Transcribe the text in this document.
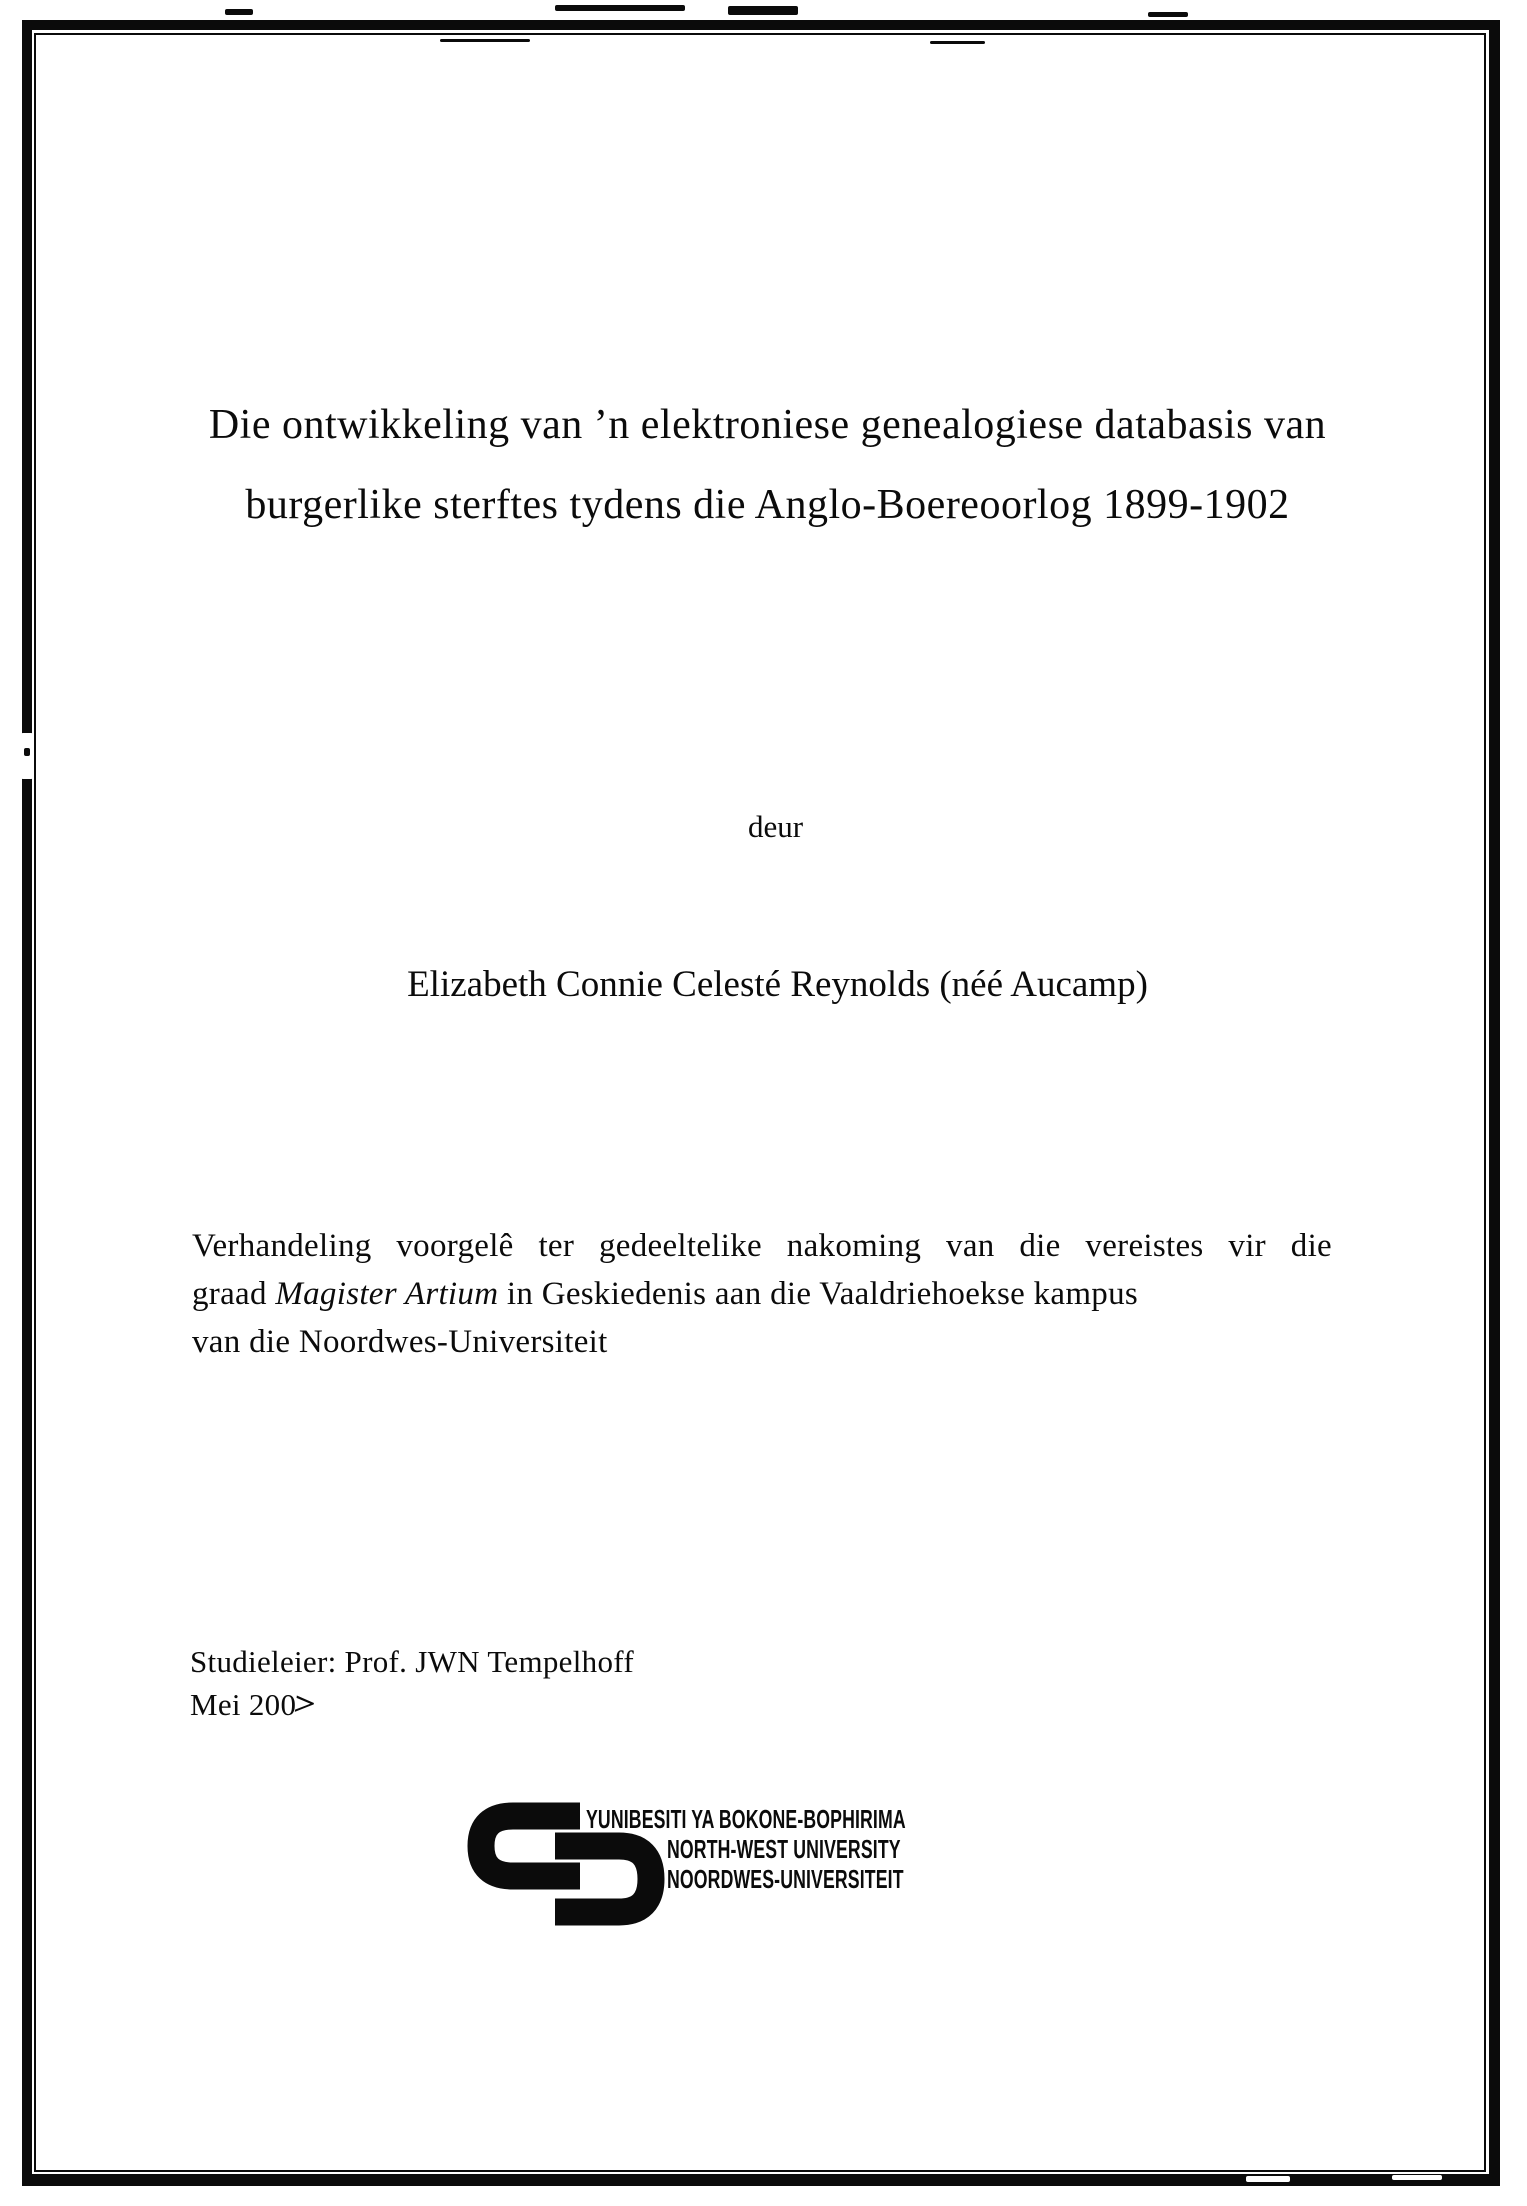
Die ontwikkeling van ’n elektroniese genealogiese databasis van
burgerlike sterftes tydens die Anglo-Boereoorlog 1899-1902
deur
Elizabeth Connie Celesté Reynolds (néé Aucamp)
Verhandeling voorgelê ter gedeeltelike nakoming van die vereistes vir die
graad Magister Artium in Geskiedenis aan die Vaaldriehoekse kampus
van die Noordwes-Universiteit
Studieleier: Prof. JWN Tempelhoff
Mei 200>
YUNIBESITI YA BOKONE-BOPHIRIMA
NORTH-WEST UNIVERSITY
NOORDWES-UNIVERSITEIT
